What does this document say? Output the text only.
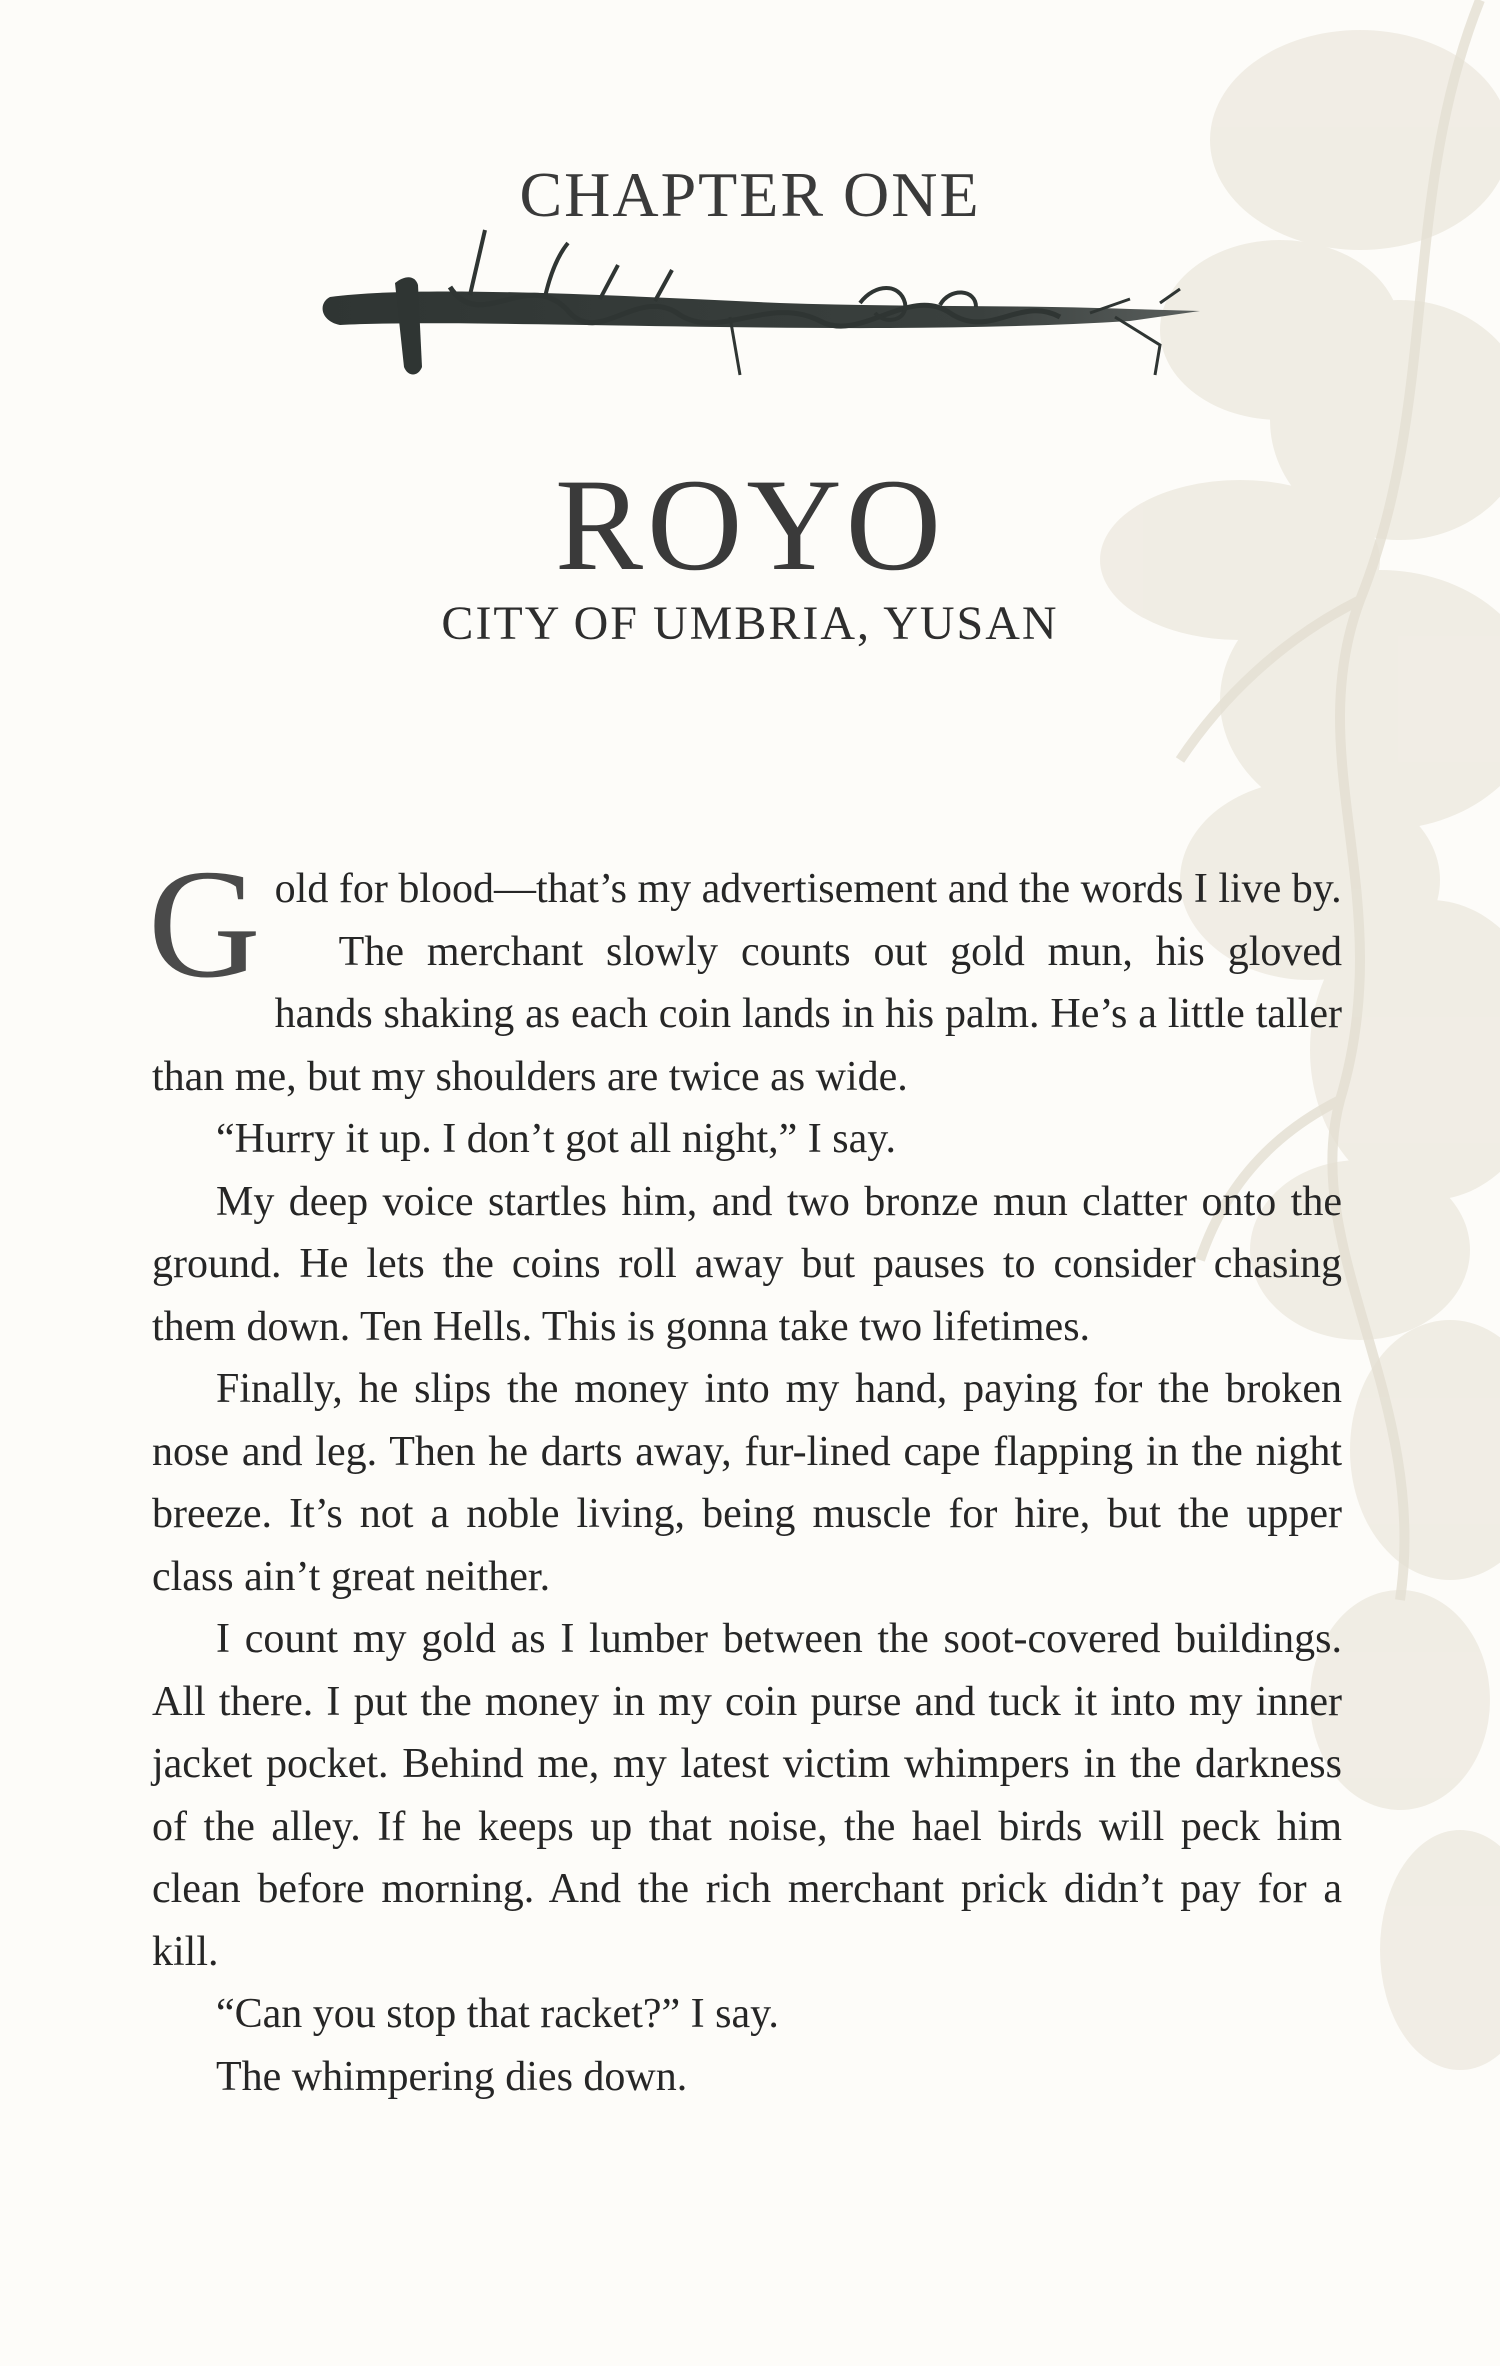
CHAPTER ONE
ROYO
CITY OF UMBRIA, YUSAN

Gold for blood—that’s my advertisement and the words I live by.

The merchant slowly counts out gold mun, his gloved hands shaking as each coin lands in his palm. He’s a little taller than me, but my shoulders are twice as wide.

“Hurry it up. I don’t got all night,” I say.

My deep voice startles him, and two bronze mun clatter onto the ground. He lets the coins roll away but pauses to consider chasing them down. Ten Hells. This is gonna take two lifetimes.

Finally, he slips the money into my hand, paying for the broken nose and leg. Then he darts away, fur-lined cape flapping in the night breeze. It’s not a noble living, being muscle for hire, but the upper class ain’t great neither.

I count my gold as I lumber between the soot-covered buildings. All there. I put the money in my coin purse and tuck it into my inner jacket pocket. Behind me, my latest victim whimpers in the darkness of the alley. If he keeps up that noise, the hael birds will peck him clean before morning. And the rich merchant prick didn’t pay for a kill.

“Can you stop that racket?” I say.

The whimpering dies down.
